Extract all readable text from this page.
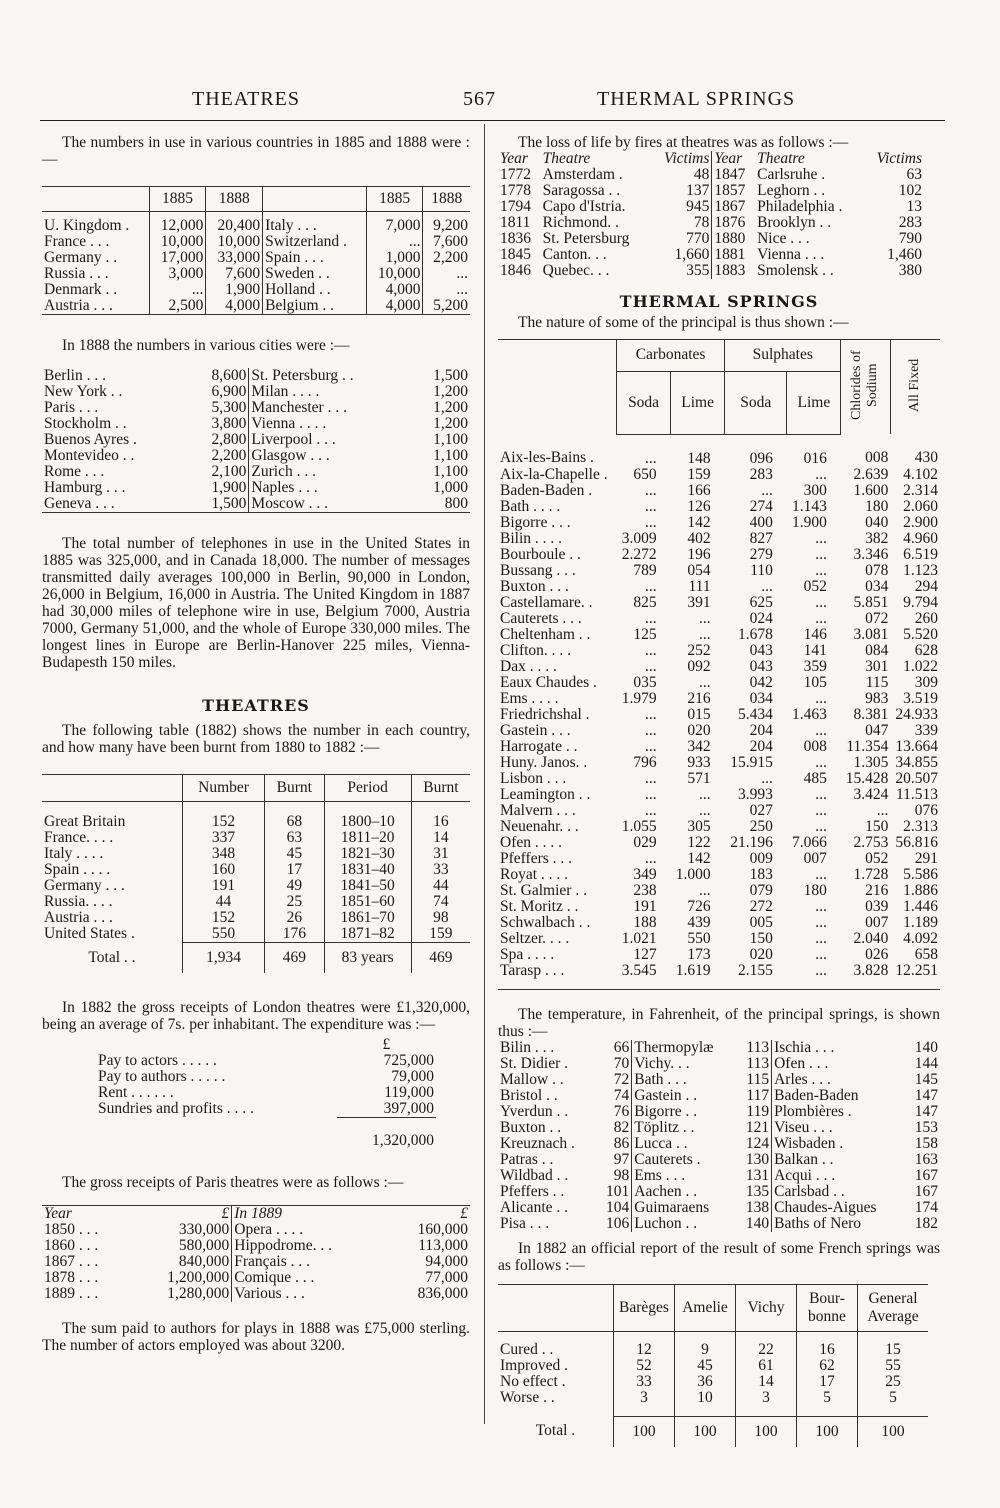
THEATRES	567	THERMAL SPRINGS

The numbers in use in various countries in 1885 and 1888 were :—

	1885	1888		1885	1888
U. Kingdom .	12,000	20,400	Italy . . .	7,000	9,200
France . . .	10,000	10,000	Switzerland .	...	7,600
Germany . .	17,000	33,000	Spain . . .	1,000	2,200
Russia . . .	3,000	7,600	Sweden . .	10,000	...
Denmark . .	...	1,900	Holland . .	4,000	...
Austria . . .	2,500	4,000	Belgium . .	4,000	5,200

In 1888 the numbers in various cities were :—

Berlin . . .	8,600	St. Petersburg . .	1,500
New York . .	6,900	Milan . . . .	1,200
Paris . . .	5,300	Manchester . . .	1,200
Stockholm . .	3,800	Vienna . . . .	1,200
Buenos Ayres .	2,800	Liverpool . . .	1,100
Montevideo . .	2,200	Glasgow . . .	1,100
Rome . . .	2,100	Zurich . . .	1,100
Hamburg . . .	1,900	Naples . . .	1,000
Geneva . . .	1,500	Moscow . . .	800

The total number of telephones in use in the United States in 1885 was 325,000, and in Canada 18,000. The number of messages transmitted daily averages 100,000 in Berlin, 90,000 in London, 26,000 in Belgium, 16,000 in Austria. The United Kingdom in 1887 had 30,000 miles of telephone wire in use, Belgium 7000, Austria 7000, Germany 51,000, and the whole of Europe 330,000 miles. The longest lines in Europe are Berlin-Hanover 225 miles, Vienna-Budapesth 150 miles.

THEATRES

The following table (1882) shows the number in each country, and how many have been burnt from 1880 to 1882 :—

	Number	Burnt	Period	Burnt
Great Britain	152	68	1800–10	16
France. . . .	337	63	1811–20	14
Italy . . . .	348	45	1821–30	31
Spain . . . .	160	17	1831–40	33
Germany . . .	191	49	1841–50	44
Russia. . . .	44	25	1851–60	74
Austria . . .	152	26	1861–70	98
United States .	550	176	1871–82	159
Total . .	1,934	469	83 years	469

In 1882 the gross receipts of London theatres were £1,320,000, being an average of 7s. per inhabitant. The expenditure was :—

	£
Pay to actors . . . . .	725,000
Pay to authors . . . . .	79,000
Rent . . . . . .	119,000
Sundries and profits . . . .	397,000
	1,320,000

The gross receipts of Paris theatres were as follows :—

Year	£	In 1889	£
1850 . . .	330,000	Opera . . . .	160,000
1860 . . .	580,000	Hippodrome. . .	113,000
1867 . . .	840,000	Français . . .	94,000
1878 . . .	1,200,000	Comique . . .	77,000
1889 . . .	1,280,000	Various . . .	836,000

The sum paid to authors for plays in 1888 was £75,000 sterling. The number of actors employed was about 3200.

The loss of life by fires at theatres was as follows :—

Year	Theatre	Victims	Year	Theatre	Victims
1772	Amsterdam .	48	1847	Carlsruhe .	63
1778	Saragossa . .	137	1857	Leghorn . .	102
1794	Capo d'Istria.	945	1867	Philadelphia .	13
1811	Richmond. .	78	1876	Brooklyn . .	283
1836	St. Petersburg	770	1880	Nice . . .	790
1845	Canton. . .	1,660	1881	Vienna . . .	1,460
1846	Quebec. . .	355	1883	Smolensk . .	380
THERMAL SPRINGS

The nature of some of the principal is thus shown :—

	Carbonates		Sulphates		Chlorides of Sodium	All Fixed
	Soda	Lime	Soda	Lime		
Aix-les-Bains .	...	148	096	016	008	430
Aix-la-Chapelle .	650	159	283	...	2.639	4.102
Baden-Baden .	...	166	...	300	1.600	2.314
Bath . . . .	...	126	274	1.143	180	2.060
Bigorre . . .	...	142	400	1.900	040	2.900
Bilin . . . .	3.009	402	827	...	382	4.960
Bourboule . .	2.272	196	279	...	3.346	6.519
Bussang . . .	789	054	110	...	078	1.123
Buxton . . .	...	111	...	052	034	294
Castellamare. .	825	391	625	...	5.851	9.794
Cauterets . . .	...	...	024	...	072	260
Cheltenham . .	125	...	1.678	146	3.081	5.520
Clifton. . . .	...	252	043	141	084	628
Dax . . . .	...	092	043	359	301	1.022
Eaux Chaudes .	035	...	042	105	115	309
Ems . . . .	1.979	216	034	...	983	3.519
Friedrichshal .	...	015	5.434	1.463	8.381	24.933
Gastein . . .	...	020	204	...	047	339
Harrogate . .	...	342	204	008	11.354	13.664
Huny. Janos. .	796	933	15.915	...	1.305	34.855
Lisbon . . .	...	571	...	485	15.428	20.507
Leamington . .	...	...	3.993	...	3.424	11.513
Malvern . . .	...	...	027	...	...	076
Neuenahr. . .	1.055	305	250	...	150	2.313
Ofen . . . .	029	122	21.196	7.066	2.753	56.816
Pfeffers . . .	...	142	009	007	052	291
Royat . . . .	349	1.000	183	...	1.728	5.586
St. Galmier . .	238	...	079	180	216	1.886
St. Moritz . .	191	726	272	...	039	1.446
Schwalbach . .	188	439	005	...	007	1.189
Seltzer. . . .	1.021	550	150	...	2.040	4.092
Spa . . . .	127	173	020	...	026	658
Tarasp . . .	3.545	1.619	2.155	...	3.828	12.251

The temperature, in Fahrenheit, of the principal springs, is shown thus :—

Bilin . . .	66	Thermopylæ	113	Ischia . . .	140
St. Didier .	70	Vichy. . .	113	Ofen . . .	144
Mallow . .	72	Bath . . .	115	Arles . . .	145
Bristol . .	74	Gastein . .	117	Baden-Baden	147
Yverdun . .	76	Bigorre . .	119	Plombières .	147
Buxton . .	82	Töplitz . .	121	Viseu . . .	153
Kreuznach .	86	Lucca . .	124	Wisbaden .	158
Patras . .	97	Cauterets .	130	Balkan . .	163
Wildbad . .	98	Ems . . .	131	Acqui . . .	167
Pfeffers . .	101	Aachen . .	135	Carlsbad . .	167
Alicante . .	104	Guimaraens	138	Chaudes-Aigues	174
Pisa . . .	106	Luchon . .	140	Baths of Nero	182

In 1882 an official report of the result of some French springs was as follows :—

	Barèges	Amelie	Vichy	Bour-bonne	General Average
Cured . .	12	9	22	16	15
Improved .	52	45	61	62	55
No effect .	33	36	14	17	25
Worse . .	3	10	3	5	5
Total .	100	100	100	100	100
